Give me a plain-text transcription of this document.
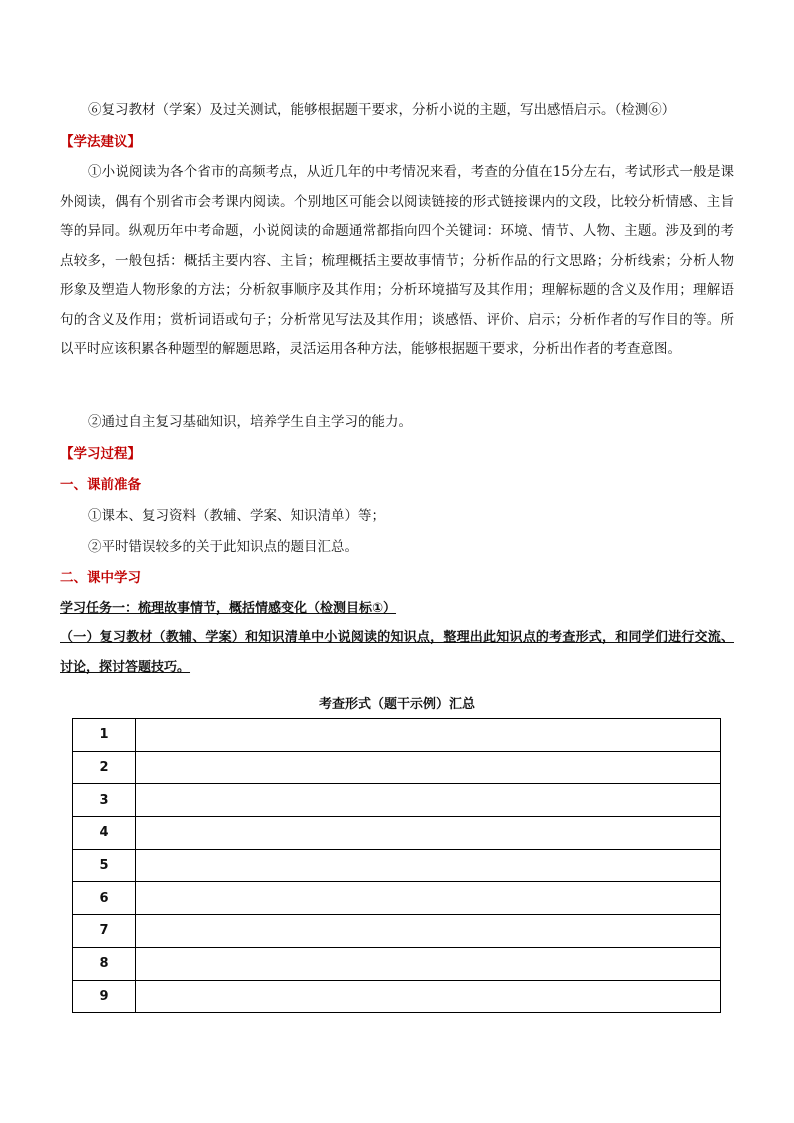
⑥复习教材（学案）及过关测试，能够根据题干要求，分析小说的主题，写出感悟启示。（检测⑥）
【学法建议】
①小说阅读为各个省市的高频考点，从近几年的中考情况来看，考查的分值在15分左右，考试形式一般是课外阅读，偶有个别省市会考课内阅读。个别地区可能会以阅读链接的形式链接课内的文段，比较分析情感、主旨等的异同。纵观历年中考命题，小说阅读的命题通常都指向四个关键词：环境、情节、人物、主题。涉及到的考点较多，一般包括：概括主要内容、主旨；梳理概括主要故事情节；分析作品的行文思路；分析线索；分析人物形象及塑造人物形象的方法；分析叙事顺序及其作用；分析环境描写及其作用；理解标题的含义及作用；理解语句的含义及作用；赏析词语或句子；分析常见写法及其作用；谈感悟、评价、启示；分析作者的写作目的等。所以平时应该积累各种题型的解题思路，灵活运用各种方法，能够根据题干要求，分析出作者的考查意图。
②通过自主复习基础知识，培养学生自主学习的能力。
【学习过程】
一、课前准备
①课本、复习资料（教辅、学案、知识清单）等；
②平时错误较多的关于此知识点的题目汇总。
二、课中学习
学习任务一：梳理故事情节，概括情感变化（检测目标①）
（一）复习教材（教辅、学案）和知识清单中小说阅读的知识点，整理出此知识点的考查形式，和同学们进行交流、讨论，探讨答题技巧。
考查形式（题干示例）汇总
1	
2	
3	
4	
5	
6	
7	
8	
9	
